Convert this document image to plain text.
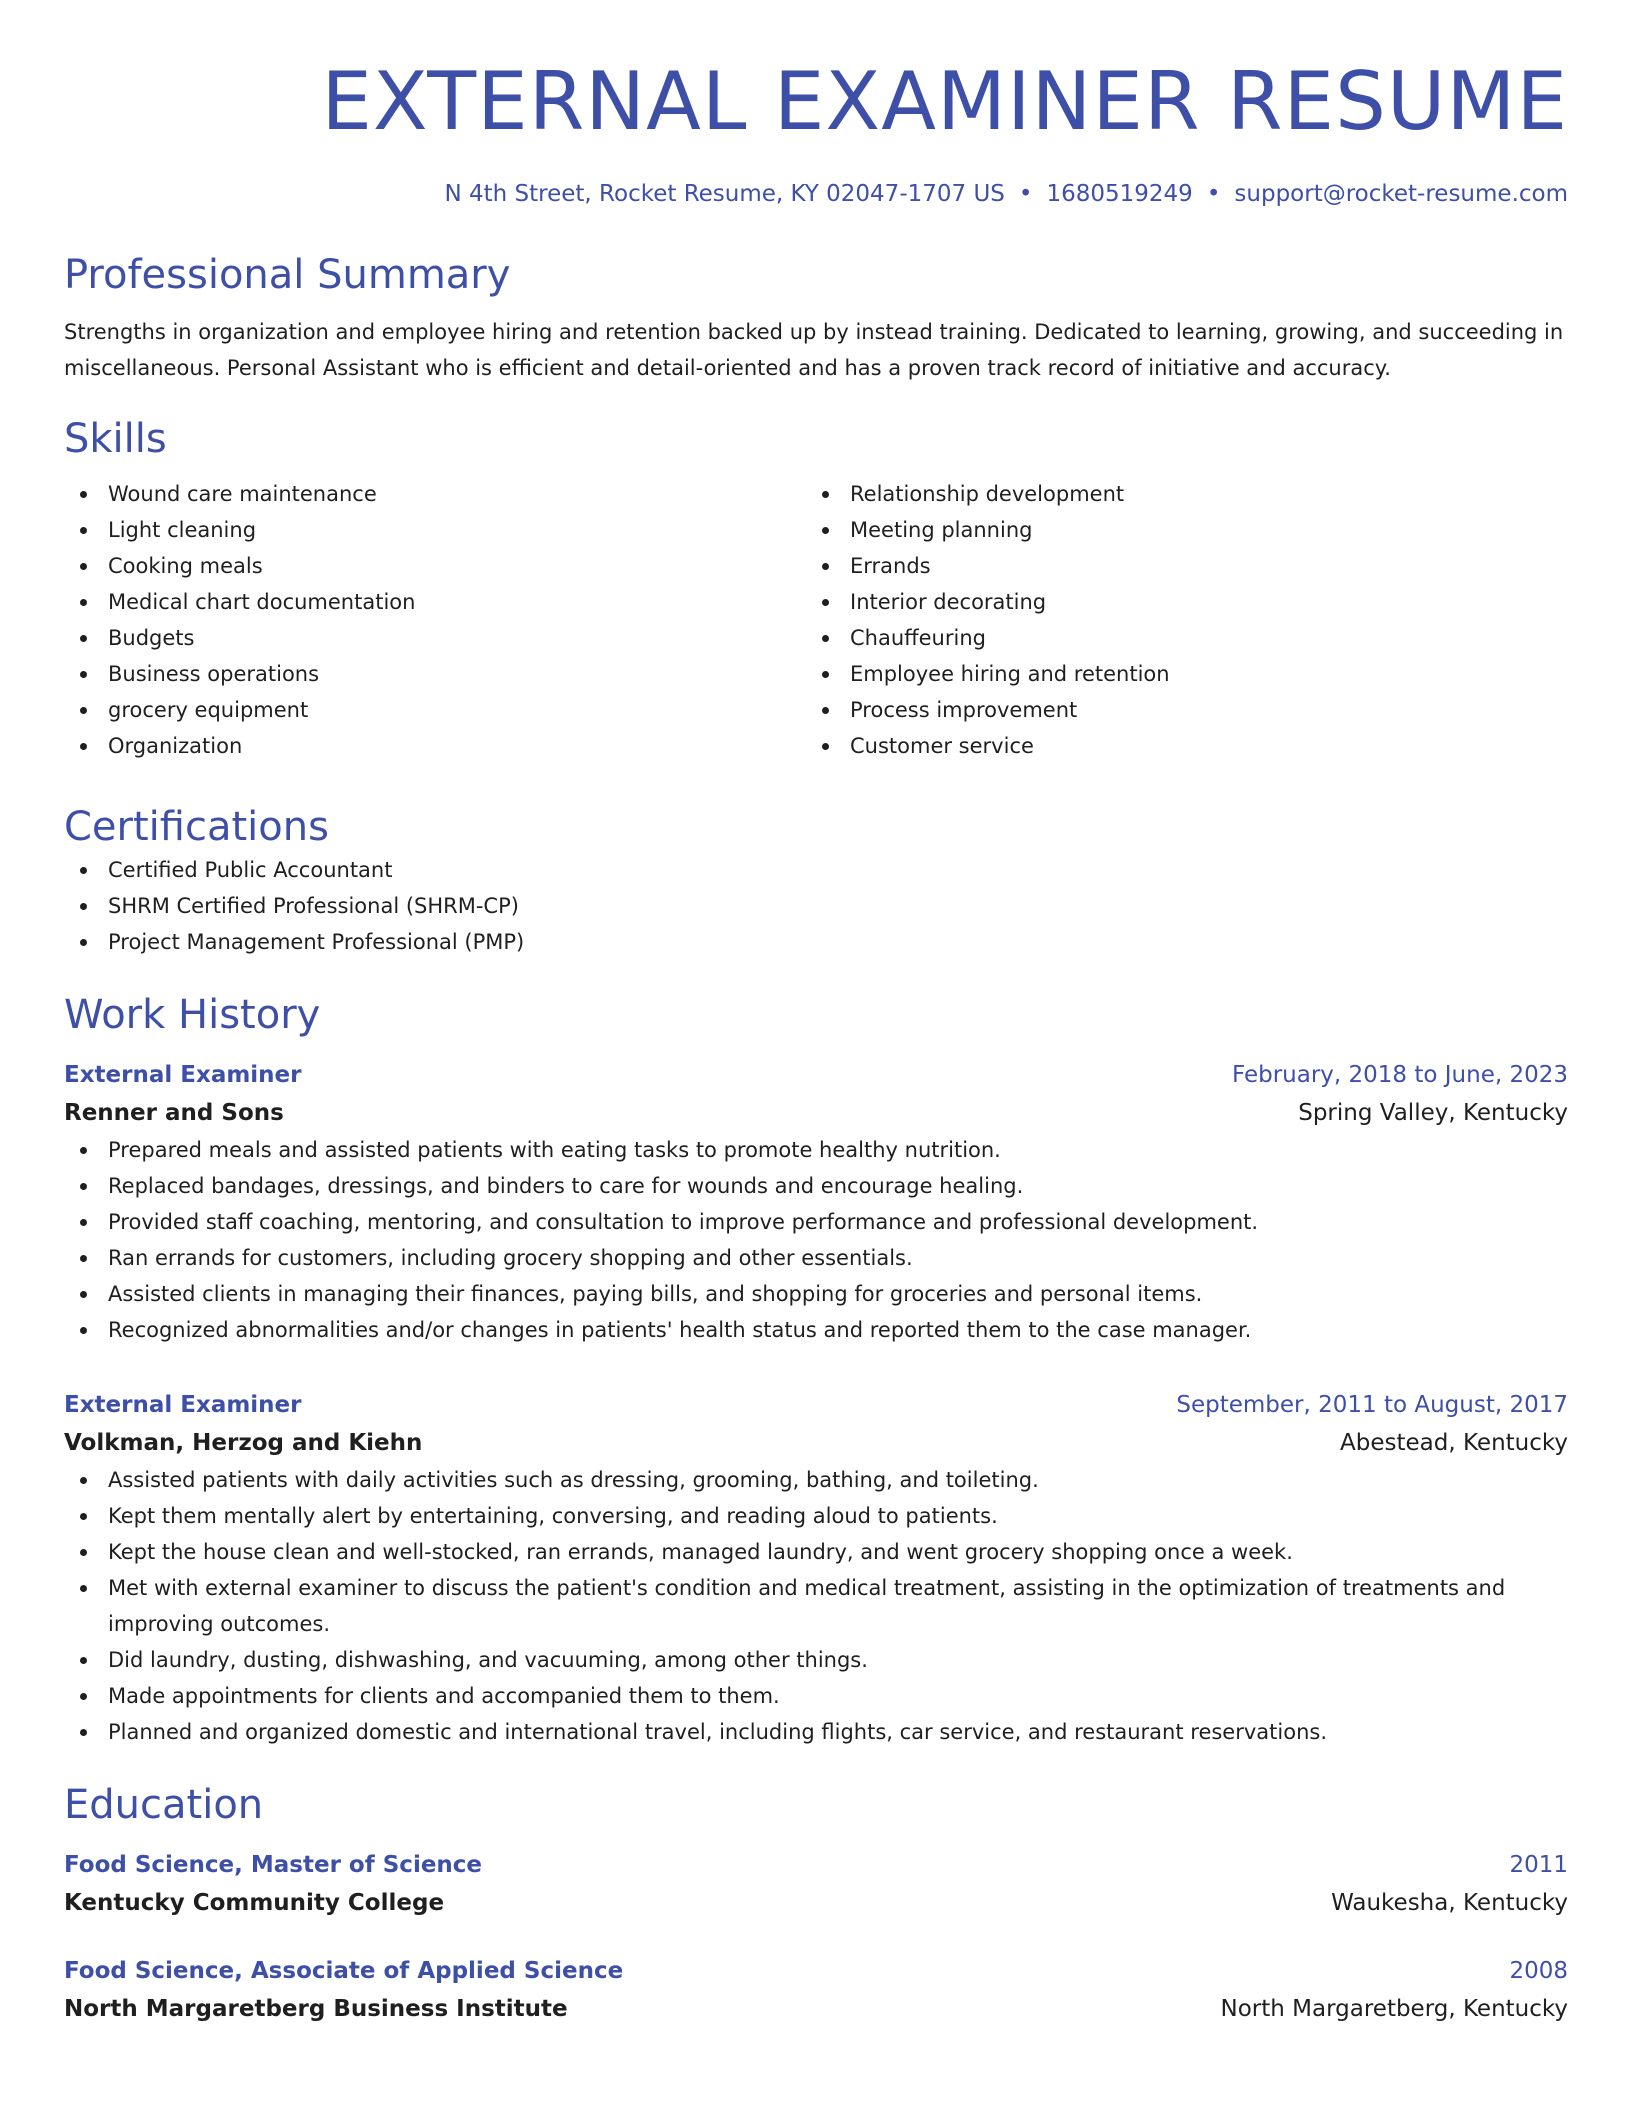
EXTERNAL EXAMINER RESUME
N 4th Street, Rocket Resume, KY 02047-1707 US • 1680519249 • support@rocket-resume.com
Professional Summary

Strengths in organization and employee hiring and retention backed up by instead training. Dedicated to learning, growing, and succeeding in miscellaneous. Personal Assistant who is efficient and detail-oriented and has a proven track record of initiative and accuracy.

Skills
Wound care maintenance
Light cleaning
Cooking meals
Medical chart documentation
Budgets
Business operations
grocery equipment
Organization
Relationship development
Meeting planning
Errands
Interior decorating
Chauffeuring
Employee hiring and retention
Process improvement
Customer service
Certifications
Certified Public Accountant
SHRM Certified Professional (SHRM-CP)
Project Management Professional (PMP)
Work History
External Examiner	February, 2018 to June, 2023
Renner and Sons	Spring Valley, Kentucky
Prepared meals and assisted patients with eating tasks to promote healthy nutrition.
Replaced bandages, dressings, and binders to care for wounds and encourage healing.
Provided staff coaching, mentoring, and consultation to improve performance and professional development.
Ran errands for customers, including grocery shopping and other essentials.
Assisted clients in managing their finances, paying bills, and shopping for groceries and personal items.
Recognized abnormalities and/or changes in patients' health status and reported them to the case manager.
External Examiner	September, 2011 to August, 2017
Volkman, Herzog and Kiehn	Abestead, Kentucky
Assisted patients with daily activities such as dressing, grooming, bathing, and toileting.
Kept them mentally alert by entertaining, conversing, and reading aloud to patients.
Kept the house clean and well-stocked, ran errands, managed laundry, and went grocery shopping once a week.
Met with external examiner to discuss the patient's condition and medical treatment, assisting in the optimization of treatments and improving outcomes.
Did laundry, dusting, dishwashing, and vacuuming, among other things.
Made appointments for clients and accompanied them to them.
Planned and organized domestic and international travel, including flights, car service, and restaurant reservations.
Education
Food Science, Master of Science	2011
Kentucky Community College	Waukesha, Kentucky
Food Science, Associate of Applied Science	2008
North Margaretberg Business Institute	North Margaretberg, Kentucky
